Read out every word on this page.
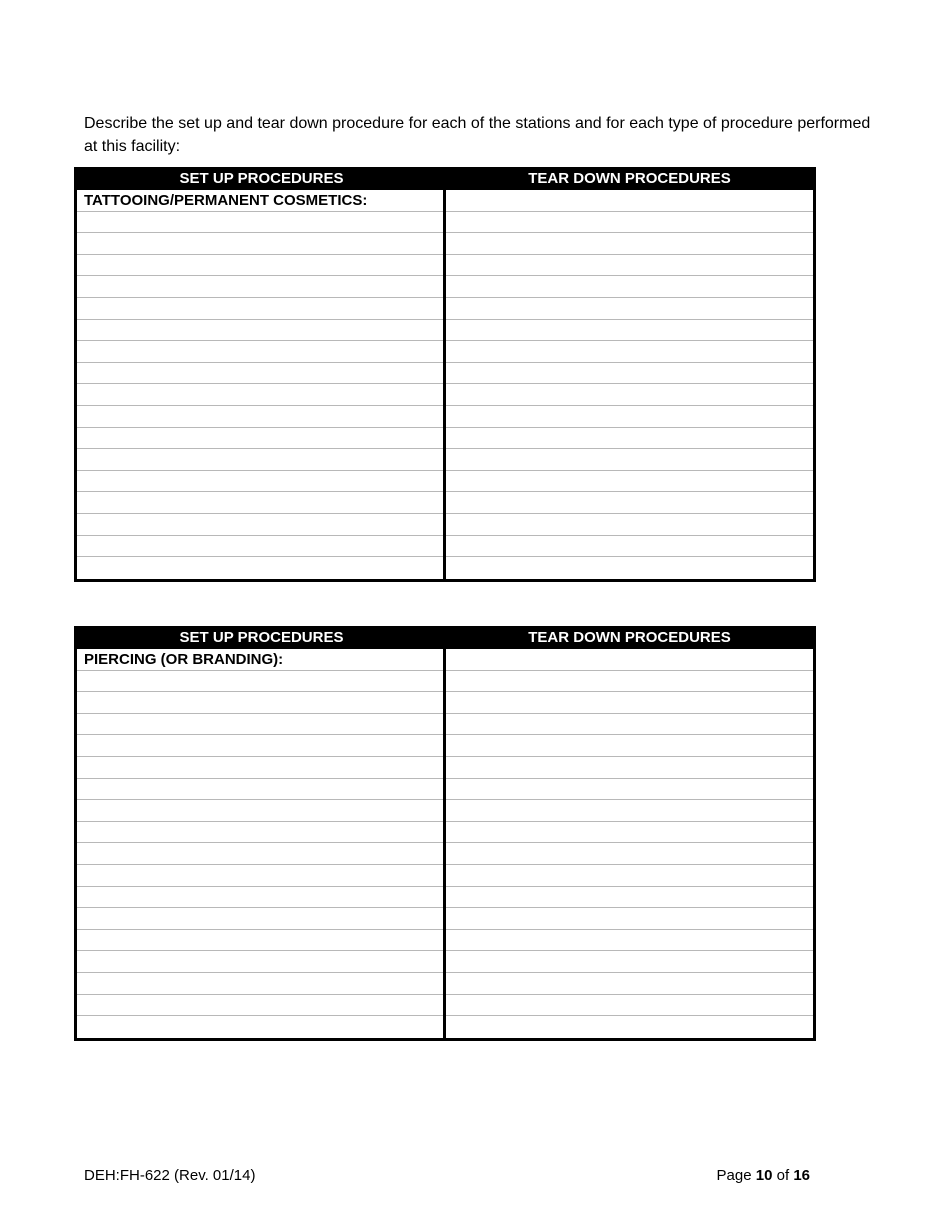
Describe the set up and tear down procedure for each of the stations and for each type of procedure performed at this facility:

SET UP PROCEDURES	TEAR DOWN PROCEDURES
TATTOOING/PERMANENT COSMETICS:
SET UP PROCEDURES	TEAR DOWN PROCEDURES
PIERCING (OR BRANDING):
DEH:FH-622 (Rev. 01/14)	Page 10 of 16
